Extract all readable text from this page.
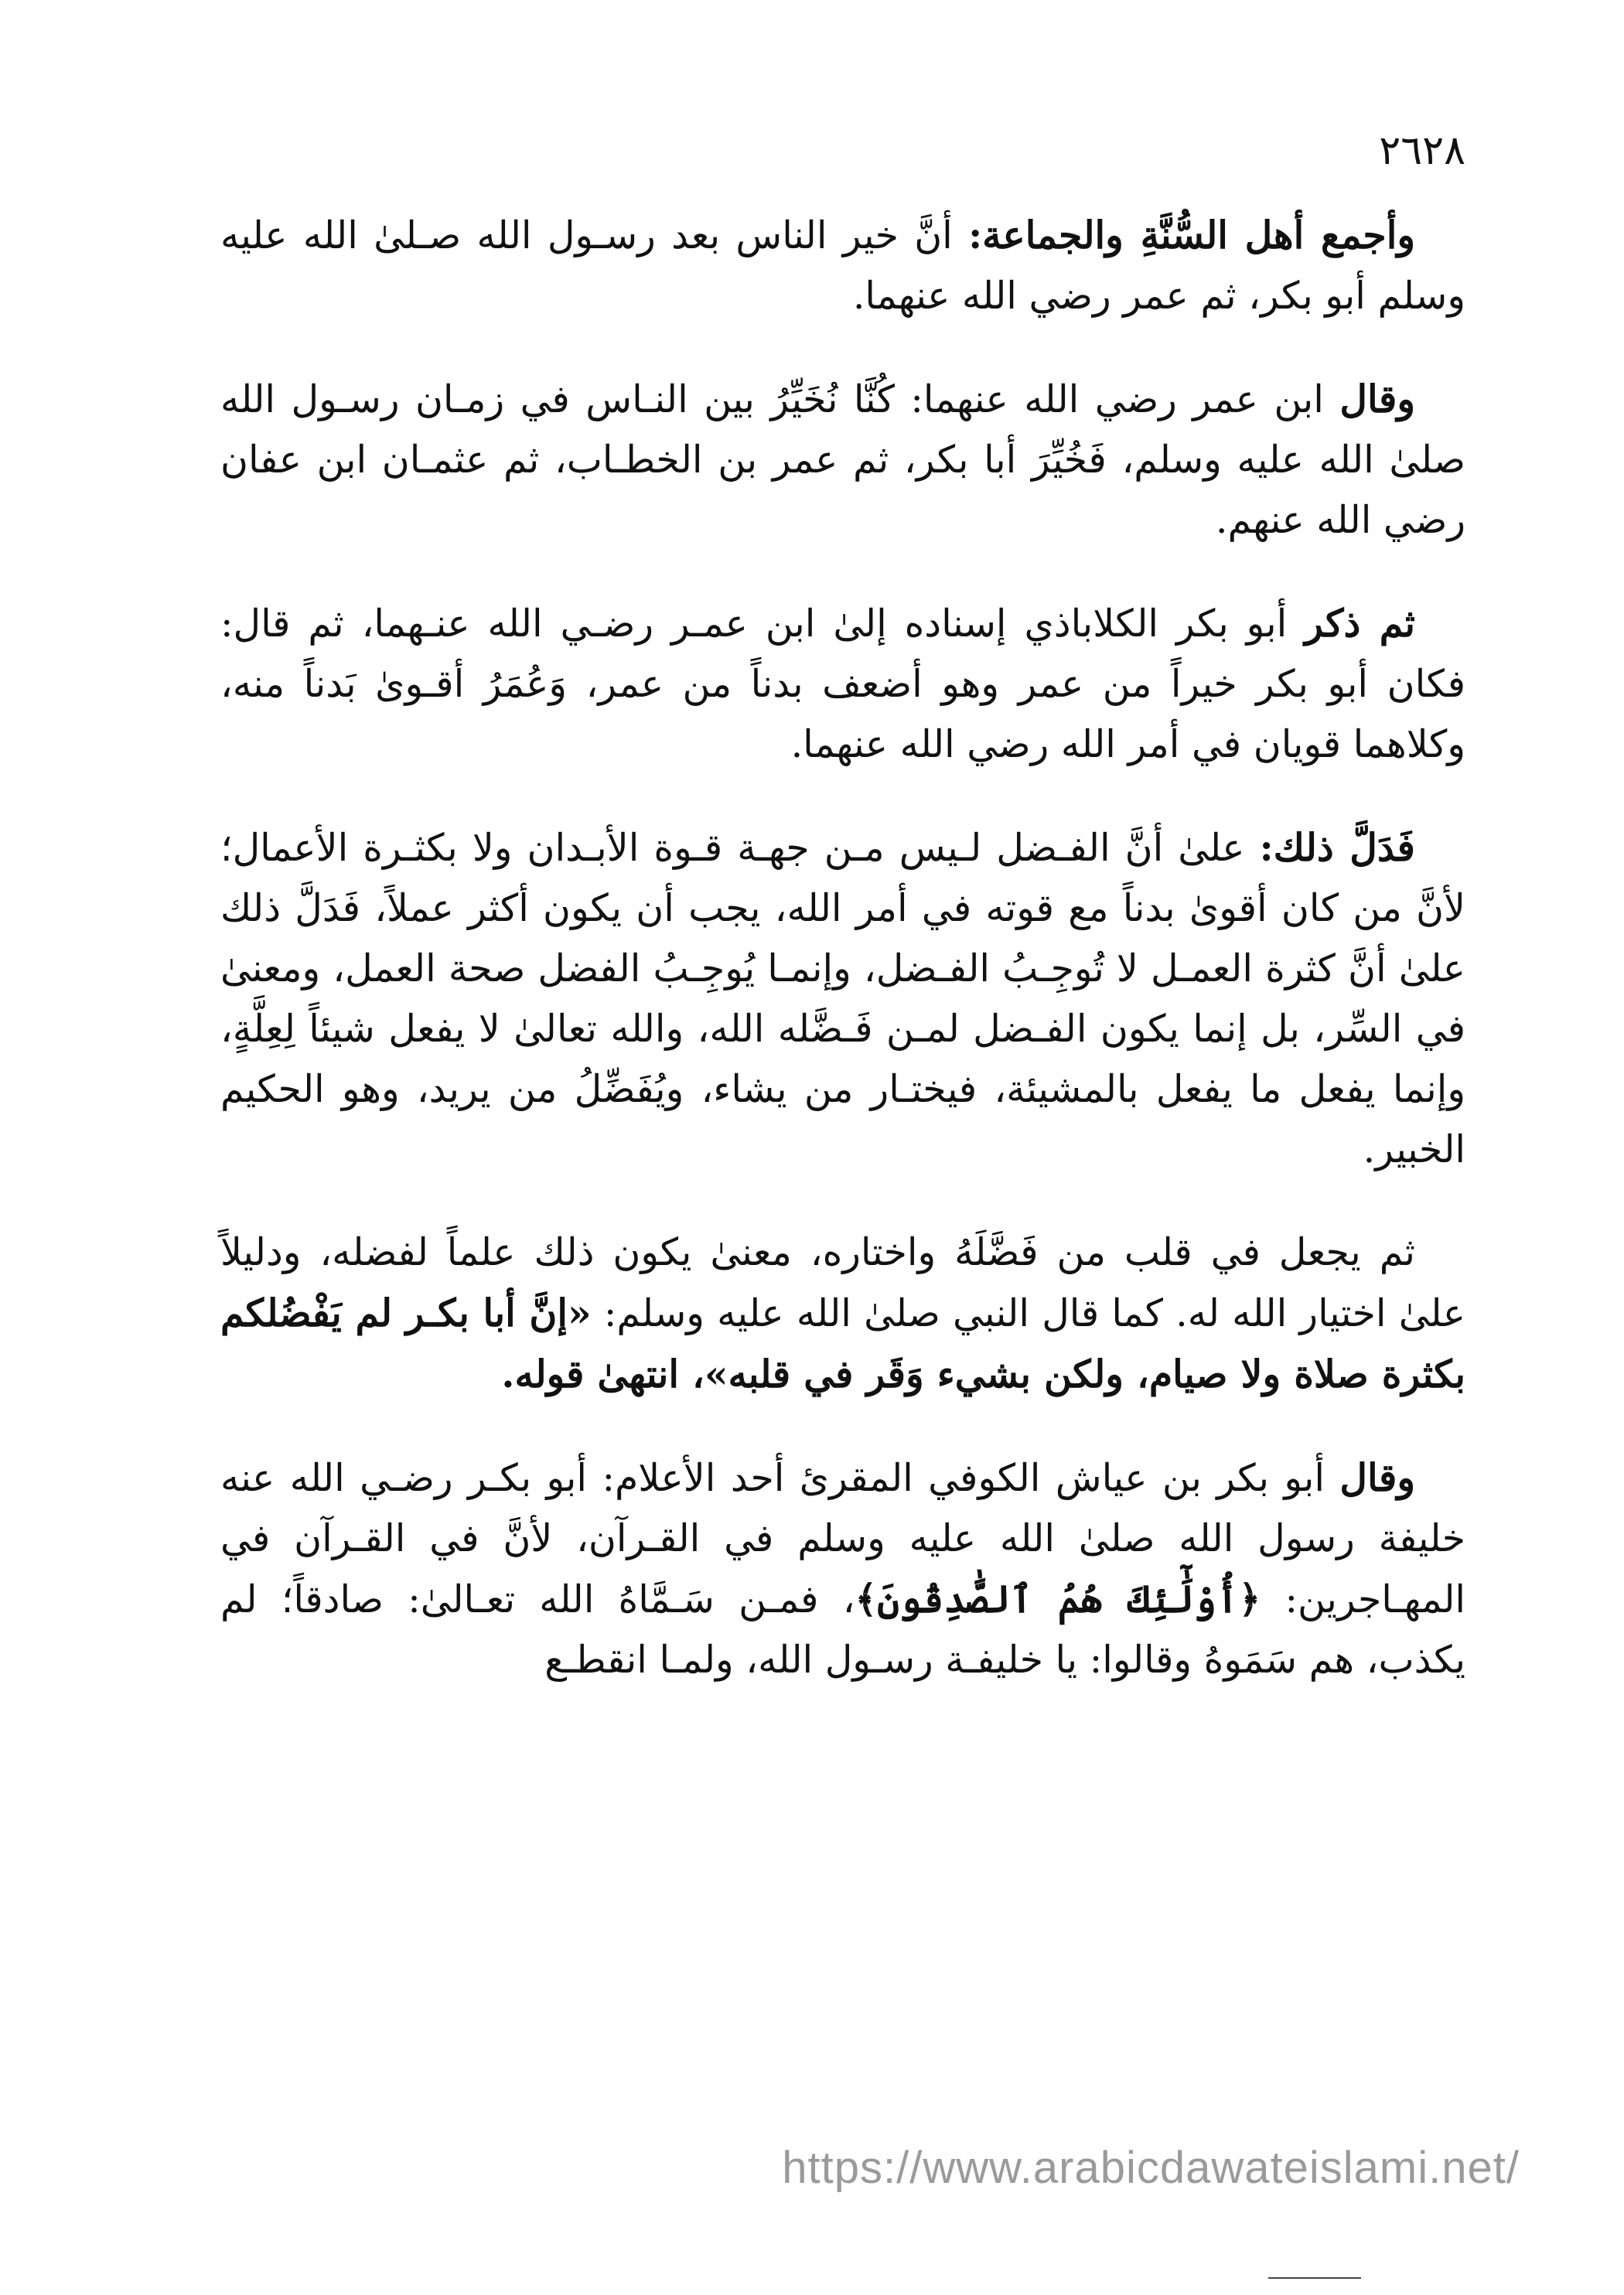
٢٦٢٨

وأجمع أهل السُّنَّةِ والجماعة: أنَّ خير الناس بعد رسـول الله صـلىٰ الله عليه وسلم أبو بكر، ثم عمر رضي الله عنهما.

وقال ابن عمر رضي الله عنهما: كُنَّا نُخَيِّرُ بين النـاس في زمـان رسـول الله صلىٰ الله عليه وسلم، فَخُيِّرَ أبا بكر، ثم عمر بن الخطـاب، ثم عثمـان ابن عفان رضي الله عنهم.

ثم ذكر أبو بكر الكلاباذي إسناده إلىٰ ابن عمـر رضـي الله عنـهما، ثم قال: فكان أبو بكر خيراً من عمر وهو أضعف بدناً من عمر، وَعُمَرُ أقـوىٰ بَدناً منه، وكلاهما قويان في أمر الله رضي الله عنهما.

فَدَلَّ ذلك: علىٰ أنَّ الفـضل لـيس مـن جهـة قـوة الأبـدان ولا بكثـرة الأعمال؛ لأنَّ من كان أقوىٰ بدناً مع قوته في أمر الله، يجب أن يكون أكثر عملاً، فَدَلَّ ذلك علىٰ أنَّ كثرة العمـل لا تُوجِـبُ الفـضل، وإنمـا يُوجِـبُ الفضل صحة العمل، ومعنىٰ في السِّر، بل إنما يكون الفـضل لمـن فَـضَّله الله، والله تعالىٰ لا يفعل شيئاً لِعِلَّةٍ، وإنما يفعل ما يفعل بالمشيئة، فيختـار من يشاء، ويُفَضِّلُ من يريد، وهو الحكيم الخبير.

ثم يجعل في قلب من فَضَّلَهُ واختاره، معنىٰ يكون ذلك علماً لفضله، ودليلاً علىٰ اختيار الله له. كما قال النبي صلىٰ الله عليه وسلم: «إنَّ أبا بكـر لم يَفْضُلكم بكثرة صلاة ولا صيام، ولكن بشيء وَقَر في قلبه»، انتهىٰ قوله.

وقال أبو بكر بن عياش الكوفي المقرئ أحد الأعلام: أبو بكـر رضـي الله عنه خليفة رسول الله صلىٰ الله عليه وسلم في القـرآن، لأنَّ في القـرآن في المهـاجرين: ﴿أُوْلَٰٓئِكَ هُمُ ٱلصَّٰدِقُونَ﴾، فمـن سَـمَّاهُ الله تعـالىٰ: صادقاً؛ لم يكذب، هم سَمَوهُ وقالوا: يا خليفـة رسـول الله، ولمـا انقطـع

https://www.arabicdawateislami.net/
